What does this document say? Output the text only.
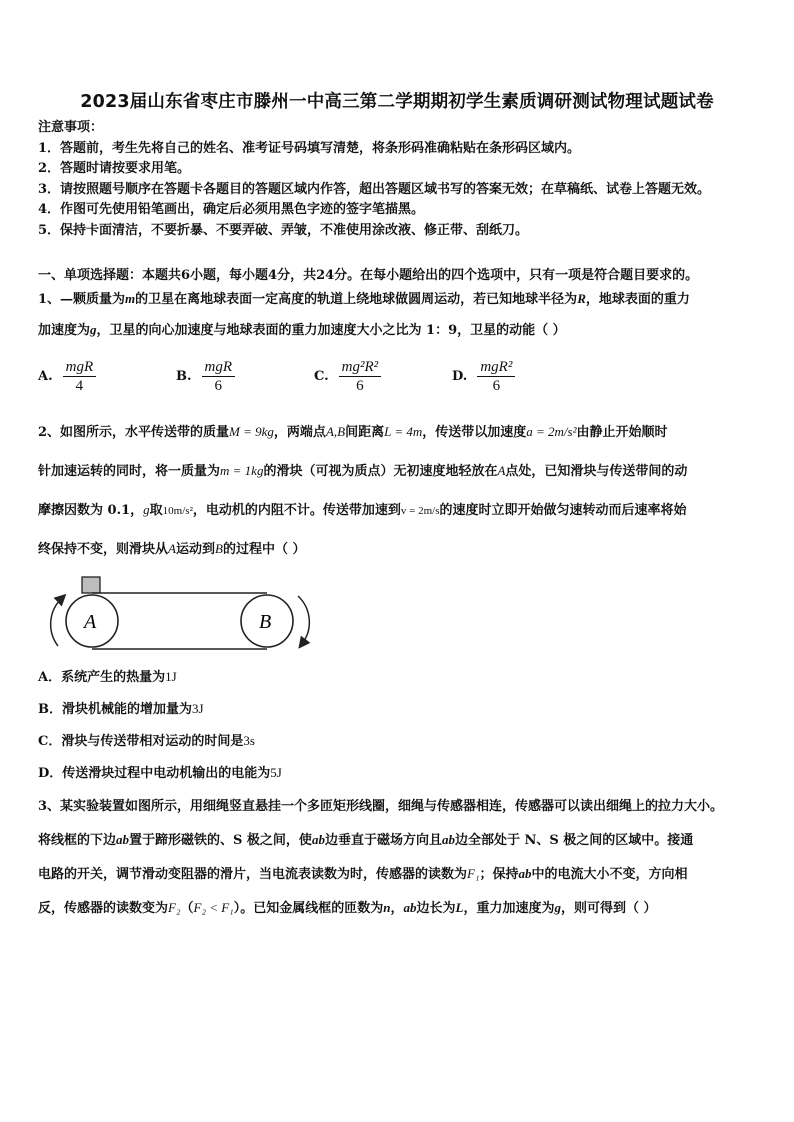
2023届山东省枣庄市滕州一中高三第二学期期初学生素质调研测试物理试题试卷
注意事项：
1．答题前，考生先将自己的姓名、准考证号码填写清楚，将条形码准确粘贴在条形码区域内。
2．答题时请按要求用笔。
3．请按照题号顺序在答题卡各题目的答题区域内作答，超出答题区域书写的答案无效；在草稿纸、试卷上答题无效。
4．作图可先使用铅笔画出，确定后必须用黑色字迹的签字笔描黑。
5．保持卡面清洁，不要折暴、不要弄破、弄皱，不准使用涂改液、修正带、刮纸刀。
一、单项选择题：本题共6小题，每小题4分，共24分。在每小题给出的四个选项中，只有一项是符合题目要求的。
1、—颗质量为m的卫星在离地球表面一定高度的轨道上绕地球做圆周运动，若已知地球半径为R，地球表面的重力
加速度为g，卫星的向心加速度与地球表面的重力加速度大小之比为 1：9，卫星的动能（ ）
A. $\frac{\text{mgR}}{4}$	B. $\frac{\text{mgR}}{6}$	C. $\frac{\text{mg²R²}}{6}$	D. $\frac{\text{mgR²}}{6}$
2、如图所示，水平传送带的质量M = 9kg，两端点A,B间距离L = 4m，传送带以加速度a = 2m/s²由静止开始顺时
针加速运转的同时，将一质量为m = 1kg的滑块（可视为质点）无初速度地轻放在A点处，已知滑块与传送带间的动
摩擦因数为 0.1，g取10m/s²，电动机的内阻不计。传送带加速到v = 2m/s的速度时立即开始做匀速转动而后速率将始
终保持不变，则滑块从A运动到B的过程中（ ）
A	B
A．系统产生的热量为1J
B．滑块机械能的增加量为3J
C．滑块与传送带相对运动的时间是3s
D．传送滑块过程中电动机输出的电能为5J
3、某实验装置如图所示，用细绳竖直悬挂一个多匝矩形线圈，细绳与传感器相连，传感器可以读出细绳上的拉力大小。
将线框的下边ab置于蹄形磁铁的、S 极之间，使ab边垂直于磁场方向且ab边全部处于 N、S 极之间的区域中。接通
电路的开关，调节滑动变阻器的滑片，当电流表读数为时，传感器的读数为F₁；保持ab中的电流大小不变，方向相
反，传感器的读数变为F₂（F₂ < F₁）。已知金属线框的匝数为n，ab边长为L，重力加速度为g，则可得到（ ）
